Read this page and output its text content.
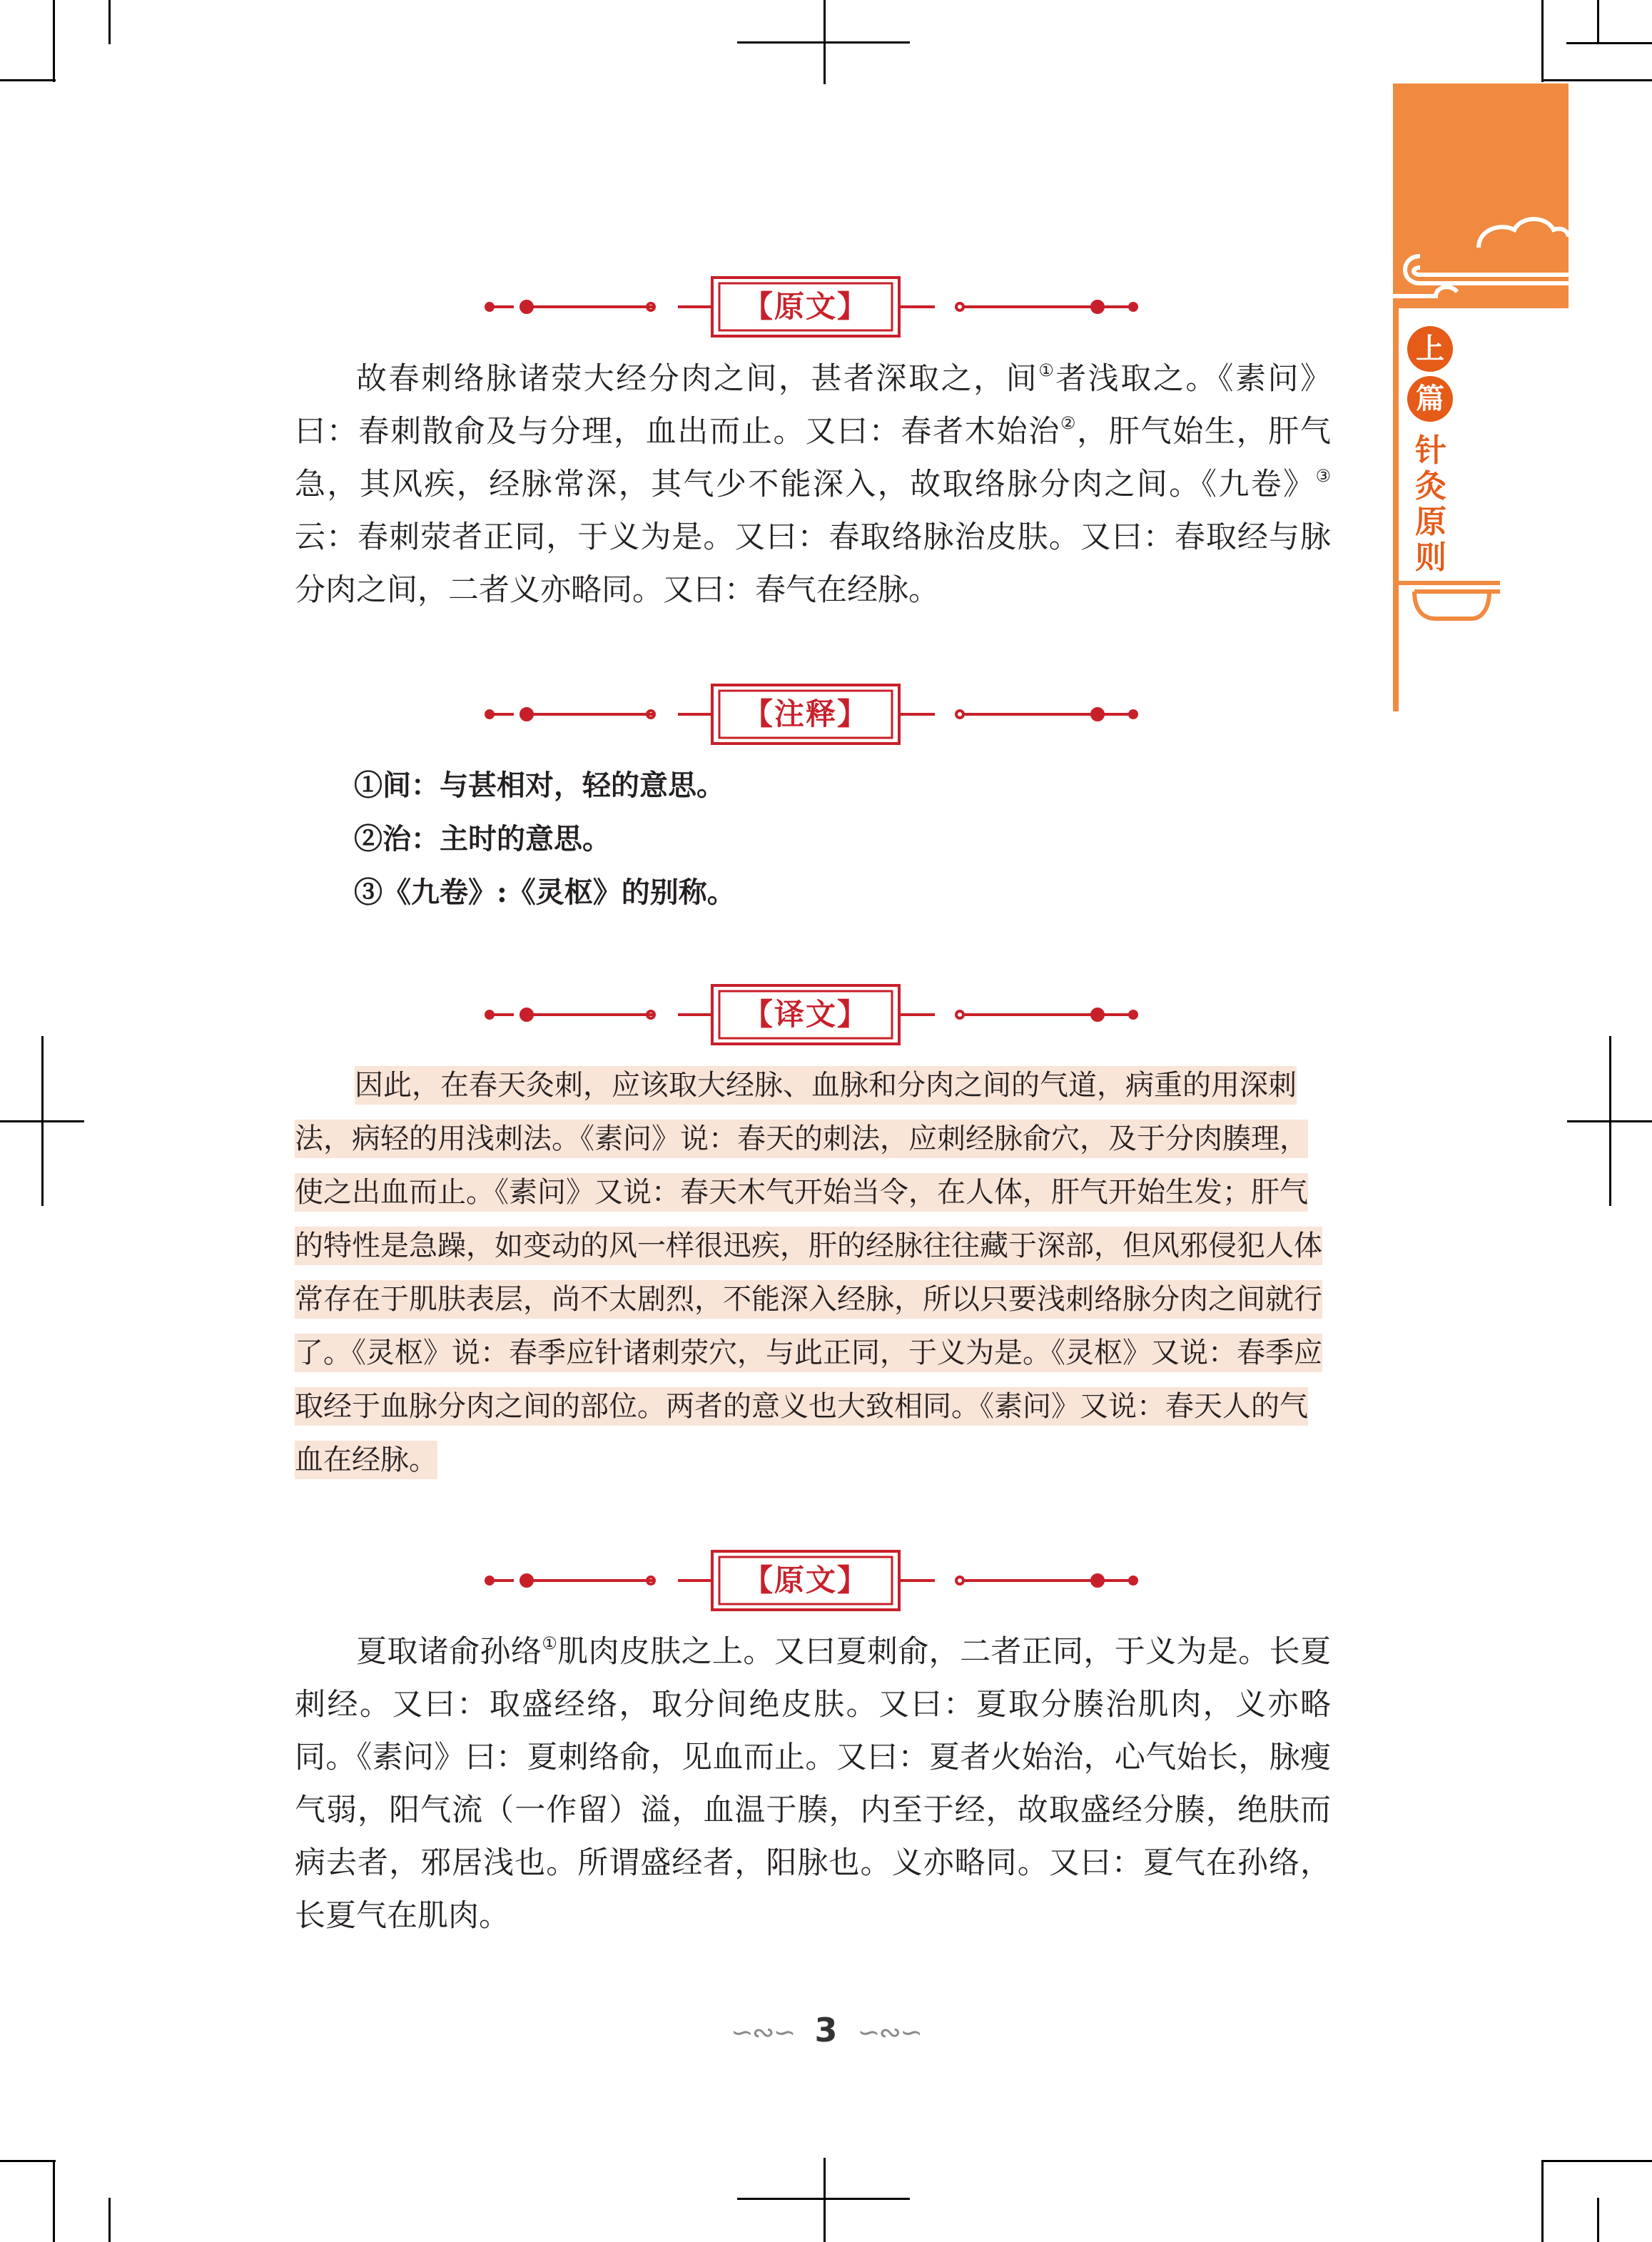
上
篇
针
灸
原
则
【原文】

故春刺络脉诸荥大经分肉之间，甚者深取之，间①者浅取之。《素问》曰：春刺散俞及与分理，血出而止。又曰：春者木始治②，肝气始生，肝气急，其风疾，经脉常深，其气少不能深入，故取络脉分肉之间。《九卷》③云：春刺荥者正同，于义为是。又曰：春取络脉治皮肤。又曰：春取经与脉分肉之间，二者义亦略同。又曰：春气在经脉。

【注释】
①间：与甚相对，轻的意思。
②治：主时的意思。
③《九卷》:《灵枢》的别称。
【译文】

因此，在春天灸刺，应该取大经脉、血脉和分肉之间的气道，病重的用深刺法，病轻的用浅刺法。《素问》说：春天的刺法，应刺经脉俞穴，及于分肉腠理，使之出血而止。《素问》又说：春天木气开始当令，在人体，肝气开始生发；肝气的特性是急躁，如变动的风一样很迅疾，肝的经脉往往藏于深部，但风邪侵犯人体常存在于肌肤表层，尚不太剧烈，不能深入经脉，所以只要浅刺络脉分肉之间就行了。《灵枢》说：春季应针诸刺荥穴，与此正同，于义为是。《灵枢》又说：春季应取经于血脉分肉之间的部位。两者的意义也大致相同。《素问》又说：春天人的气血在经脉。

【原文】

夏取诸俞孙络①肌肉皮肤之上。又曰夏刺俞，二者正同，于义为是。长夏刺经。又曰：取盛经络，取分间绝皮肤。又曰：夏取分腠治肌肉，义亦略同。《素问》曰：夏刺络俞，见血而止。又曰：夏者火始治，心气始长，脉瘦气弱，阳气流（一作留）溢，血温于腠，内至于经，故取盛经分腠，绝肤而病去者，邪居浅也。所谓盛经者，阳脉也。义亦略同。又曰：夏气在孙络，长夏气在肌肉。

∽∾∽ 3 ∽∾∽
